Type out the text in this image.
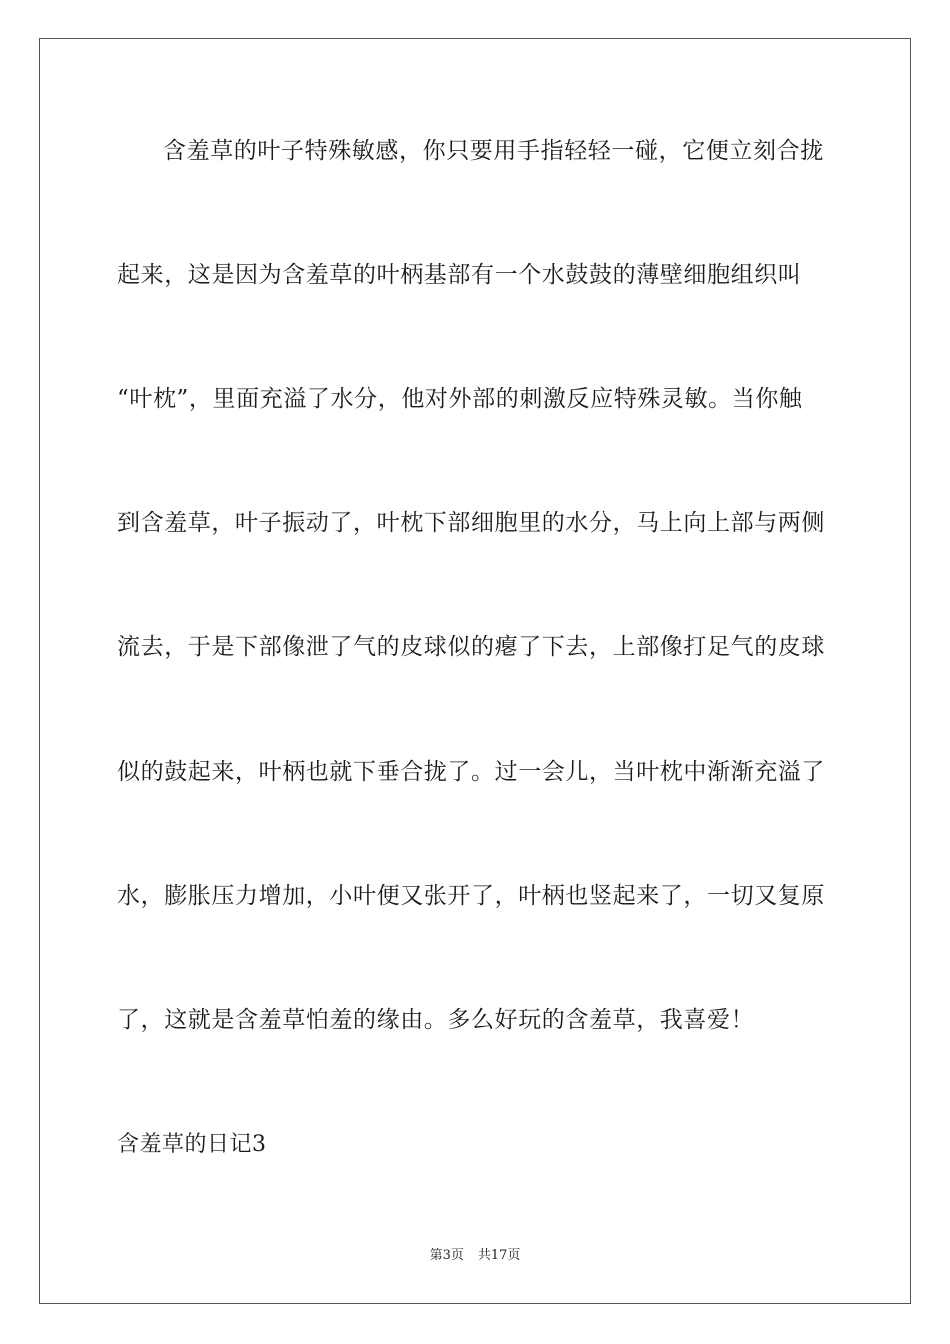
含羞草的叶子特殊敏感，你只要用手指轻轻一碰，它便立刻合拢
起来，这是因为含羞草的叶柄基部有一个水鼓鼓的薄壁细胞组织叫
“叶枕”，里面充溢了水分，他对外部的刺激反应特殊灵敏。当你触
到含羞草，叶子振动了，叶枕下部细胞里的水分，马上向上部与两侧
流去，于是下部像泄了气的皮球似的瘪了下去，上部像打足气的皮球
似的鼓起来，叶柄也就下垂合拢了。过一会儿，当叶枕中渐渐充溢了
水，膨胀压力增加，小叶便又张开了，叶柄也竖起来了，一切又复原
了，这就是含羞草怕羞的缘由。多么好玩的含羞草，我喜爱！
含羞草的日记3
第3页 共17页
